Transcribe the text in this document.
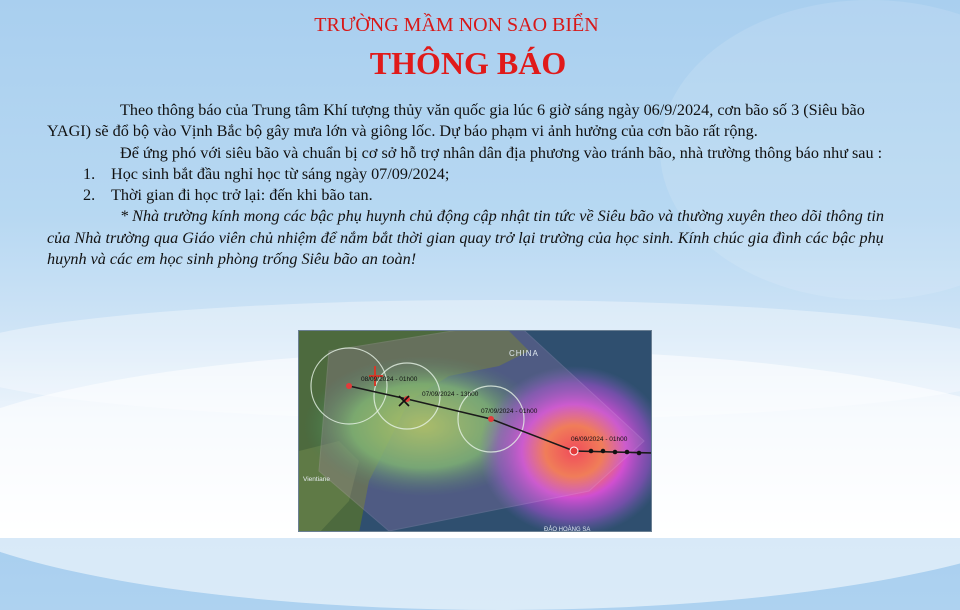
TRƯỜNG MẦM NON SAO BIỂN
THÔNG BÁO

Theo thông báo của Trung tâm Khí tượng thủy văn quốc gia lúc 6 giờ sáng ngày 06/9/2024, cơn bão số 3 (Siêu bão YAGI) sẽ đổ bộ vào Vịnh Bắc bộ gây mưa lớn và giông lốc. Dự báo phạm vi ảnh hưởng của cơn bão rất rộng.

Để ứng phó với siêu bão và chuẩn bị cơ sở hỗ trợ nhân dân địa phương vào tránh bão, nhà trường thông báo như sau :

1. Học sinh bắt đầu nghỉ học từ sáng ngày 07/09/2024;
2. Thời gian đi học trở lại: đến khi bão tan.

* Nhà trường kính mong các bậc phụ huynh chủ động cập nhật tin tức về Siêu bão và thường xuyên theo dõi thông tin của Nhà trường qua Giáo viên chủ nhiệm để nắm bắt thời gian quay trở lại trường của học sinh. Kính chúc gia đình các bậc phụ huynh và các em học sinh phòng trống Siêu bão an toàn!

CHINA
08/09/2024 - 01h00
07/09/2024 - 13h00
07/09/2024 - 01h00
06/09/2024 - 01h00
Vientiane
ĐẢO HOÀNG SA
